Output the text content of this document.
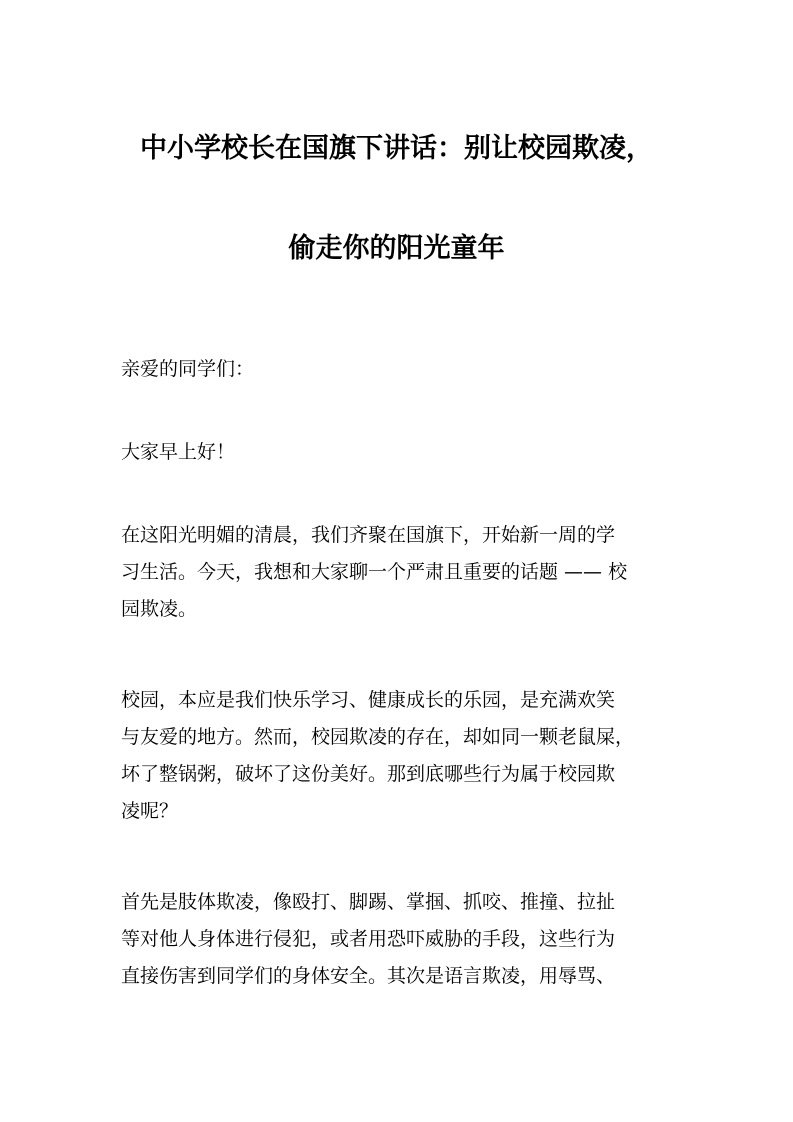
中小学校长在国旗下讲话：别让校园欺凌，
偷走你的阳光童年
亲爱的同学们：
大家早上好！
在这阳光明媚的清晨，我们齐聚在国旗下，开始新一周的学
习生活。今天，我想和大家聊一个严肃且重要的话题 —— 校
园欺凌。
校园，本应是我们快乐学习、健康成长的乐园，是充满欢笑
与友爱的地方。然而，校园欺凌的存在，却如同一颗老鼠屎，
坏了整锅粥，破坏了这份美好。那到底哪些行为属于校园欺
凌呢？
首先是肢体欺凌，像殴打、脚踢、掌掴、抓咬、推撞、拉扯
等对他人身体进行侵犯，或者用恐吓威胁的手段，这些行为
直接伤害到同学们的身体安全。其次是语言欺凌，用辱骂、
